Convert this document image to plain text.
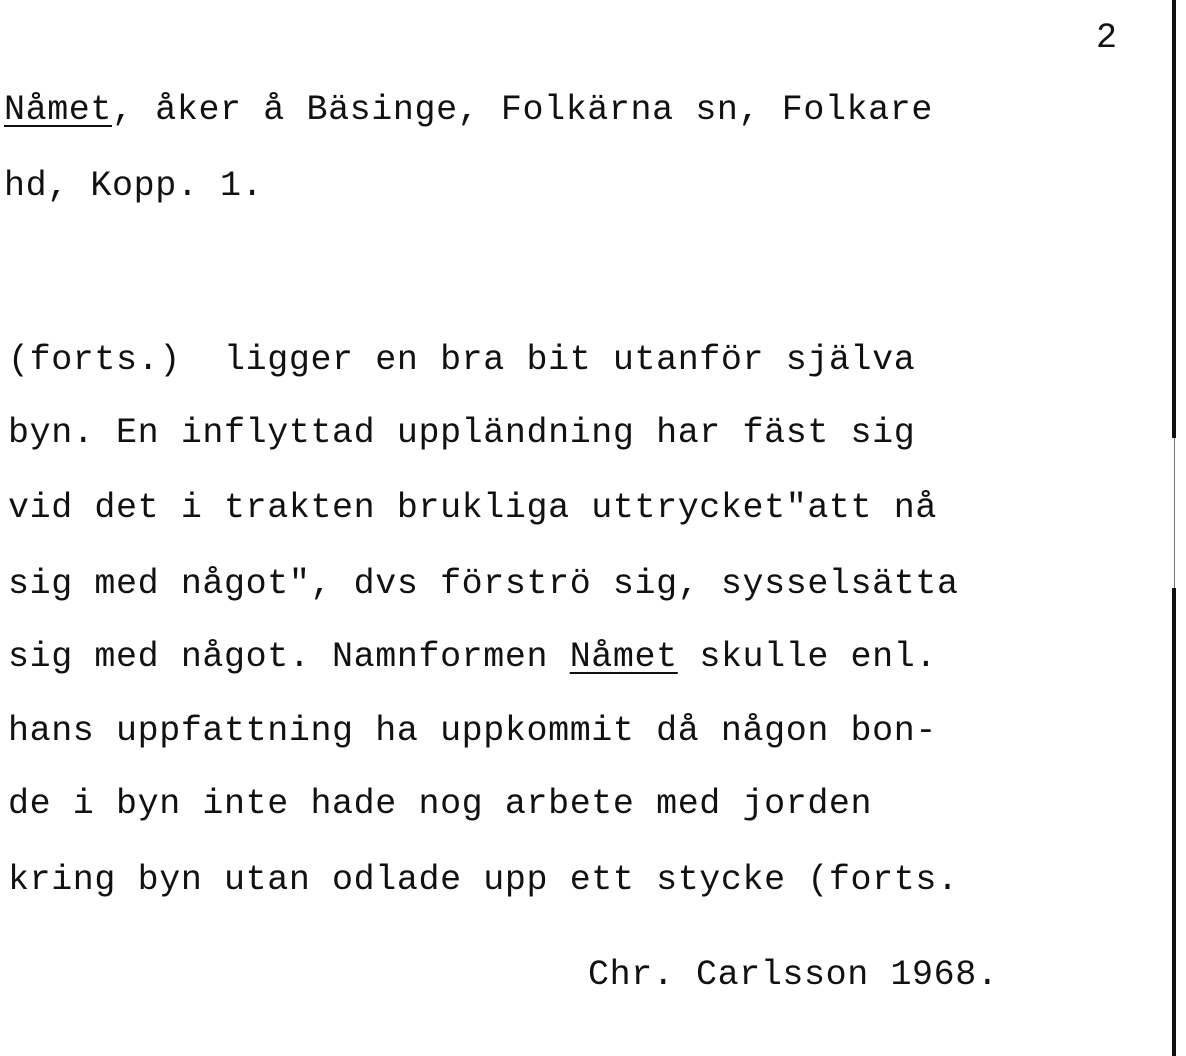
2
Nåmet, åker å Bäsinge, Folkärna sn, Folkare
hd, Kopp. 1.
(forts.)  ligger en bra bit utanför själva
byn. En inflyttad uppländning har fäst sig
vid det i trakten brukliga uttrycket"att nå
sig med något", dvs förströ sig, sysselsätta
sig med något. Namnformen Nåmet skulle enl.
hans uppfattning ha uppkommit då någon bon-
de i byn inte hade nog arbete med jorden
kring byn utan odlade upp ett stycke (forts.
Chr. Carlsson 1968.
